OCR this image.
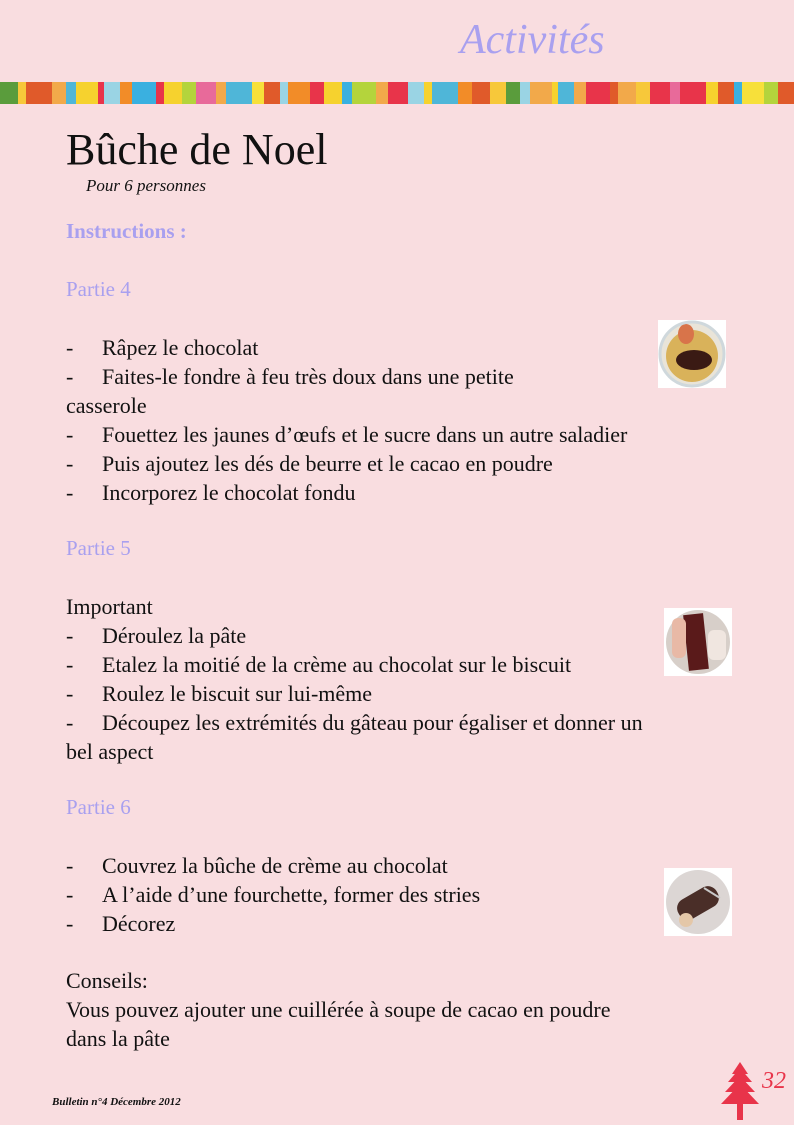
Activités
Bûche de Noel
Pour 6 personnes
Instructions :
Partie 4
- Râpez le chocolat
- Faites-le fondre à feu très doux dans une petite
casserole
- Fouettez les jaunes d’œufs et le sucre dans un autre saladier
- Puis ajoutez les dés de beurre et le cacao en poudre
- Incorporez le chocolat fondu
Partie 5
Important
- Déroulez la pâte
- Etalez la moitié de la crème au chocolat sur le biscuit
- Roulez le biscuit sur lui-même
- Découpez les extrémités du gâteau pour égaliser et donner un
bel aspect
Partie 6
- Couvrez la bûche de crème au chocolat
- A l’aide d’une fourchette, former des stries
- Décorez
Conseils:
Vous pouvez ajouter une cuillérée à soupe de cacao en poudre
dans la pâte
Bulletin n°4 Décembre 2012
32
